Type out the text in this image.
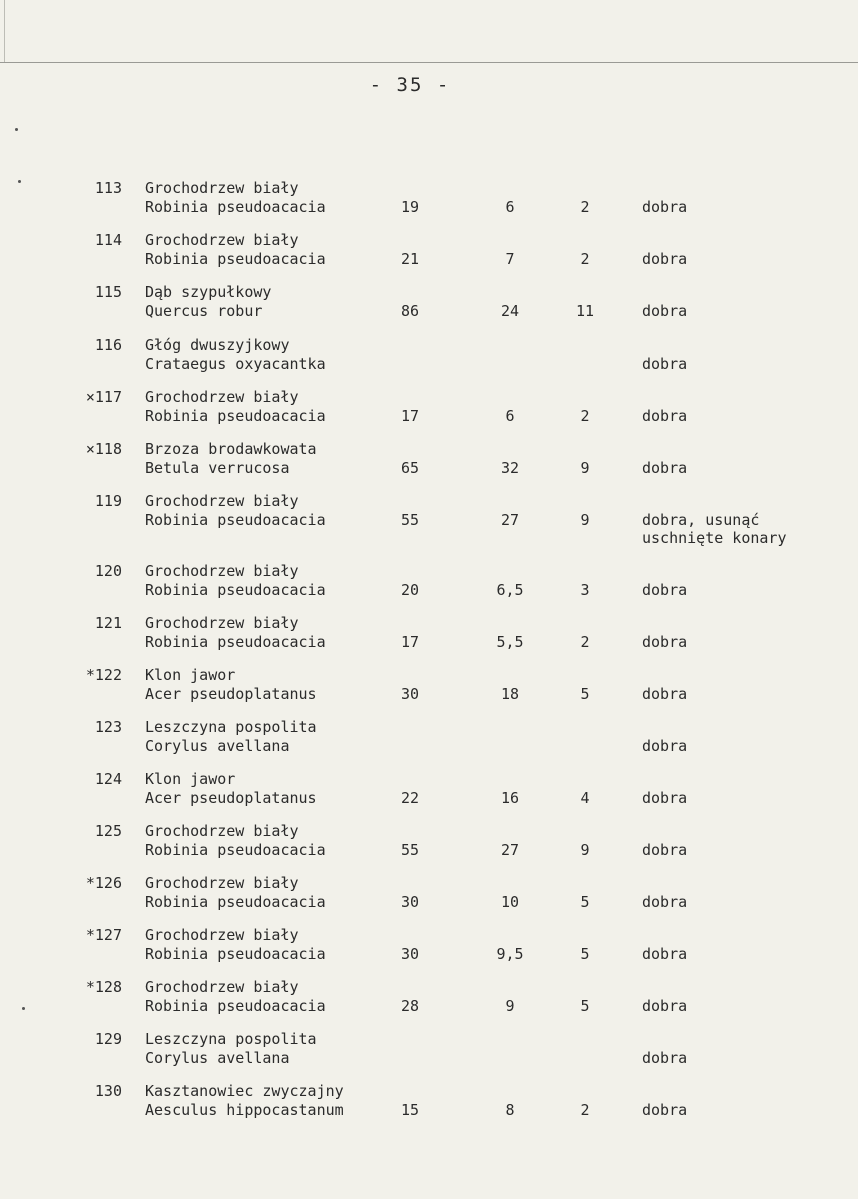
- 35 -
113 Grochodrzew biały
Robinia pseudoacacia	19	6	2	dobra
114 Grochodrzew biały
Robinia pseudoacacia	21	7	2	dobra
115 Dąb szypułkowy
Quercus robur	86	24	11	dobra
116 Głóg dwuszyjkowy
Crataegus oxyacantka	dobra
×117 Grochodrzew biały
Robinia pseudoacacia	17	6	2	dobra
×118 Brzoza brodawkowata
Betula verrucosa	65	32	9	dobra
119 Grochodrzew biały
Robinia pseudoacacia	55	27	9	dobra, usunąć
uschnięte konary
120 Grochodrzew biały
Robinia pseudoacacia	20	6,5	3	dobra
121 Grochodrzew biały
Robinia pseudoacacia	17	5,5	2	dobra
*122 Klon jawor
Acer pseudoplatanus	30	18	5	dobra
123 Leszczyna pospolita
Corylus avellana	dobra
124 Klon jawor
Acer pseudoplatanus	22	16	4	dobra
125 Grochodrzew biały
Robinia pseudoacacia	55	27	9	dobra
*126 Grochodrzew biały
Robinia pseudoacacia	30	10	5	dobra
*127 Grochodrzew biały
Robinia pseudoacacia	30	9,5	5	dobra
*128 Grochodrzew biały
Robinia pseudoacacia	28	9	5	dobra
129 Leszczyna pospolita
Corylus avellana	dobra
130 Kasztanowiec zwyczajny
Aesculus hippocastanum	15	8	2	dobra
